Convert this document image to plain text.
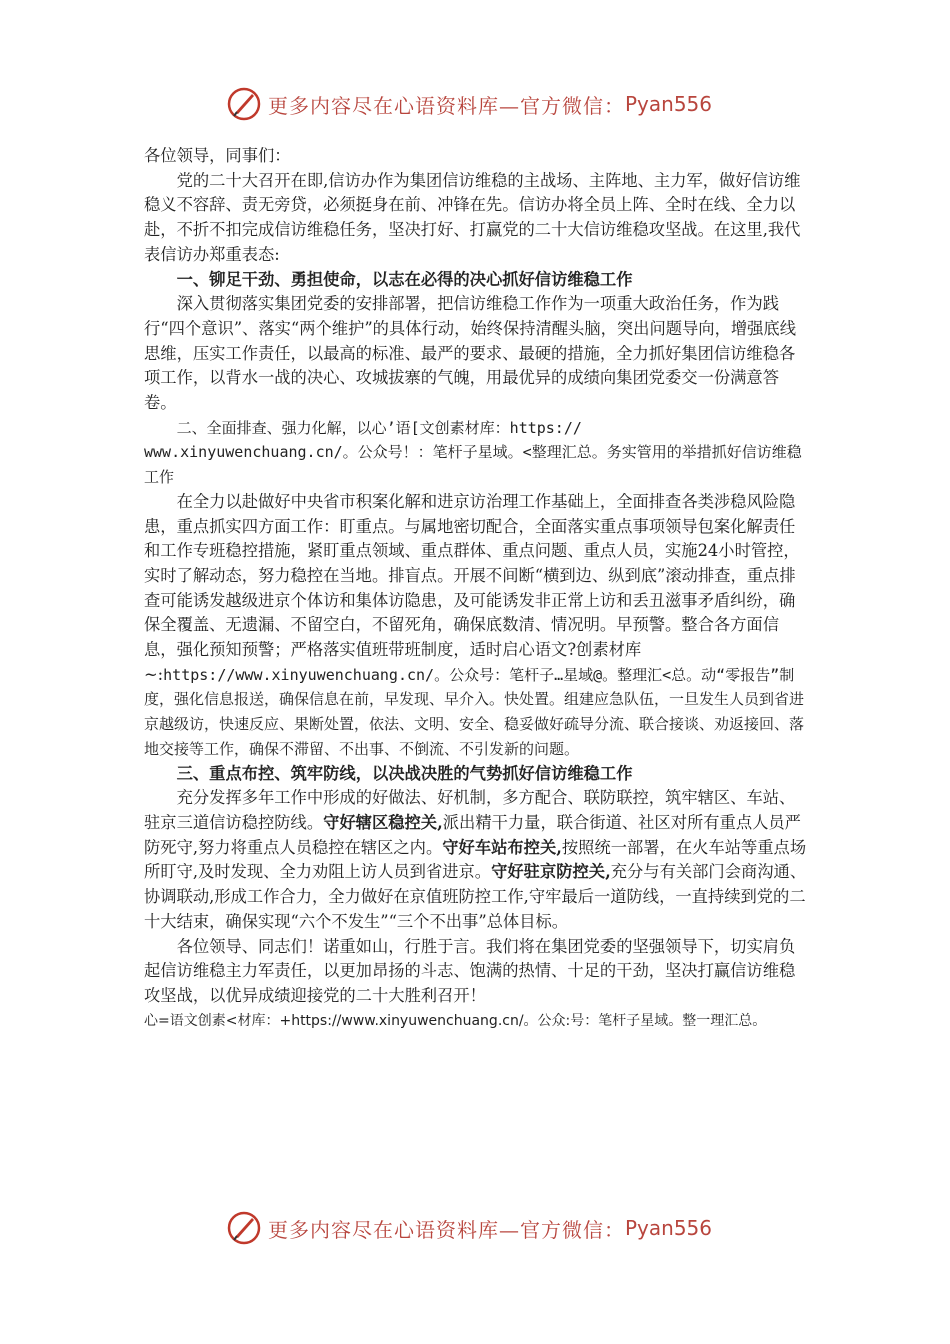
更多内容尽在心语资料库—官方微信： Pyan556

各位领导，同事们：

党的二十大召开在即,信访办作为集团信访维稳的主战场、主阵地、主力军，做好信访维稳义不容辞、责无旁贷，必须挺身在前、冲锋在先。信访办将全员上阵、全时在线、全力以赴，不折不扣完成信访维稳任务，坚决打好、打赢党的二十大信访维稳攻坚战。在这里,我代表信访办郑重表态:

一、铆足干劲、勇担使命，以志在必得的决心抓好信访维稳工作

深入贯彻落实集团党委的安排部署，把信访维稳工作作为一项重大政治任务，作为践行“四个意识”、落实“两个维护”的具体行动，始终保持清醒头脑，突出问题导向，增强底线思维，压实工作责任，以最高的标准、最严的要求、最硬的措施，全力抓好集团信访维稳各项工作，以背水一战的决心、攻城拔寨的气魄，用最优异的成绩向集团党委交一份满意答卷。

二、全面排查、强力化解，以心’语[文创素材库：https://

www.xinyuwenchuang.cn/。公众号！：笔杆子星域。<整理汇总。务实管用的举措抓好信访维稳工作

在全力以赴做好中央省市积案化解和进京访治理工作基础上，全面排查各类涉稳风险隐患，重点抓实四方面工作：盯重点。与属地密切配合，全面落实重点事项领导包案化解责任和工作专班稳控措施，紧盯重点领域、重点群体、重点问题、重点人员，实施24小时管控，实时了解动态，努力稳控在当地。排盲点。开展不间断“横到边、纵到底”滚动排查，重点排查可能诱发越级进京个体访和集体访隐患，及可能诱发非正常上访和丢丑滋事矛盾纠纷，确保全覆盖、无遗漏、不留空白，不留死角，确保底数清、情况明。早预警。整合各方面信息，强化预知预警；严格落实值班带班制度，适时启心语文?创素材库~:https://www.xinyuwenchuang.cn/。公众号：笔杆子…星域@。整理汇<总。动“零报告”制度，强化信息报送，确保信息在前，早发现、早介入。快处置。组建应急队伍，一旦发生人员到省进京越级访，快速反应、果断处置，依法、文明、安全、稳妥做好疏导分流、联合接谈、劝返接回、落地交接等工作，确保不滞留、不出事、不倒流、不引发新的问题。

三、重点布控、筑牢防线，以决战决胜的气势抓好信访维稳工作

充分发挥多年工作中形成的好做法、好机制，多方配合、联防联控，筑牢辖区、车站、驻京三道信访稳控防线。守好辖区稳控关,派出精干力量，联合街道、社区对所有重点人员严防死守,努力将重点人员稳控在辖区之内。守好车站布控关,按照统一部署，在火车站等重点场所盯守,及时发现、全力劝阻上访人员到省进京。守好驻京防控关,充分与有关部门会商沟通、协调联动,形成工作合力，全力做好在京值班防控工作,守牢最后一道防线，一直持续到党的二十大结束，确保实现“六个不发生”“三个不出事”总体目标。

各位领导、同志们！诺重如山，行胜于言。我们将在集团党委的坚强领导下，切实肩负起信访维稳主力军责任，以更加昂扬的斗志、饱满的热情、十足的干劲，坚决打赢信访维稳攻坚战，以优异成绩迎接党的二十大胜利召开！

心=语文创素<材库：+https://www.xinyuwenchuang.cn/。公众:号：笔杆子星域。整一理汇总。

更多内容尽在心语资料库—官方微信： Pyan556
